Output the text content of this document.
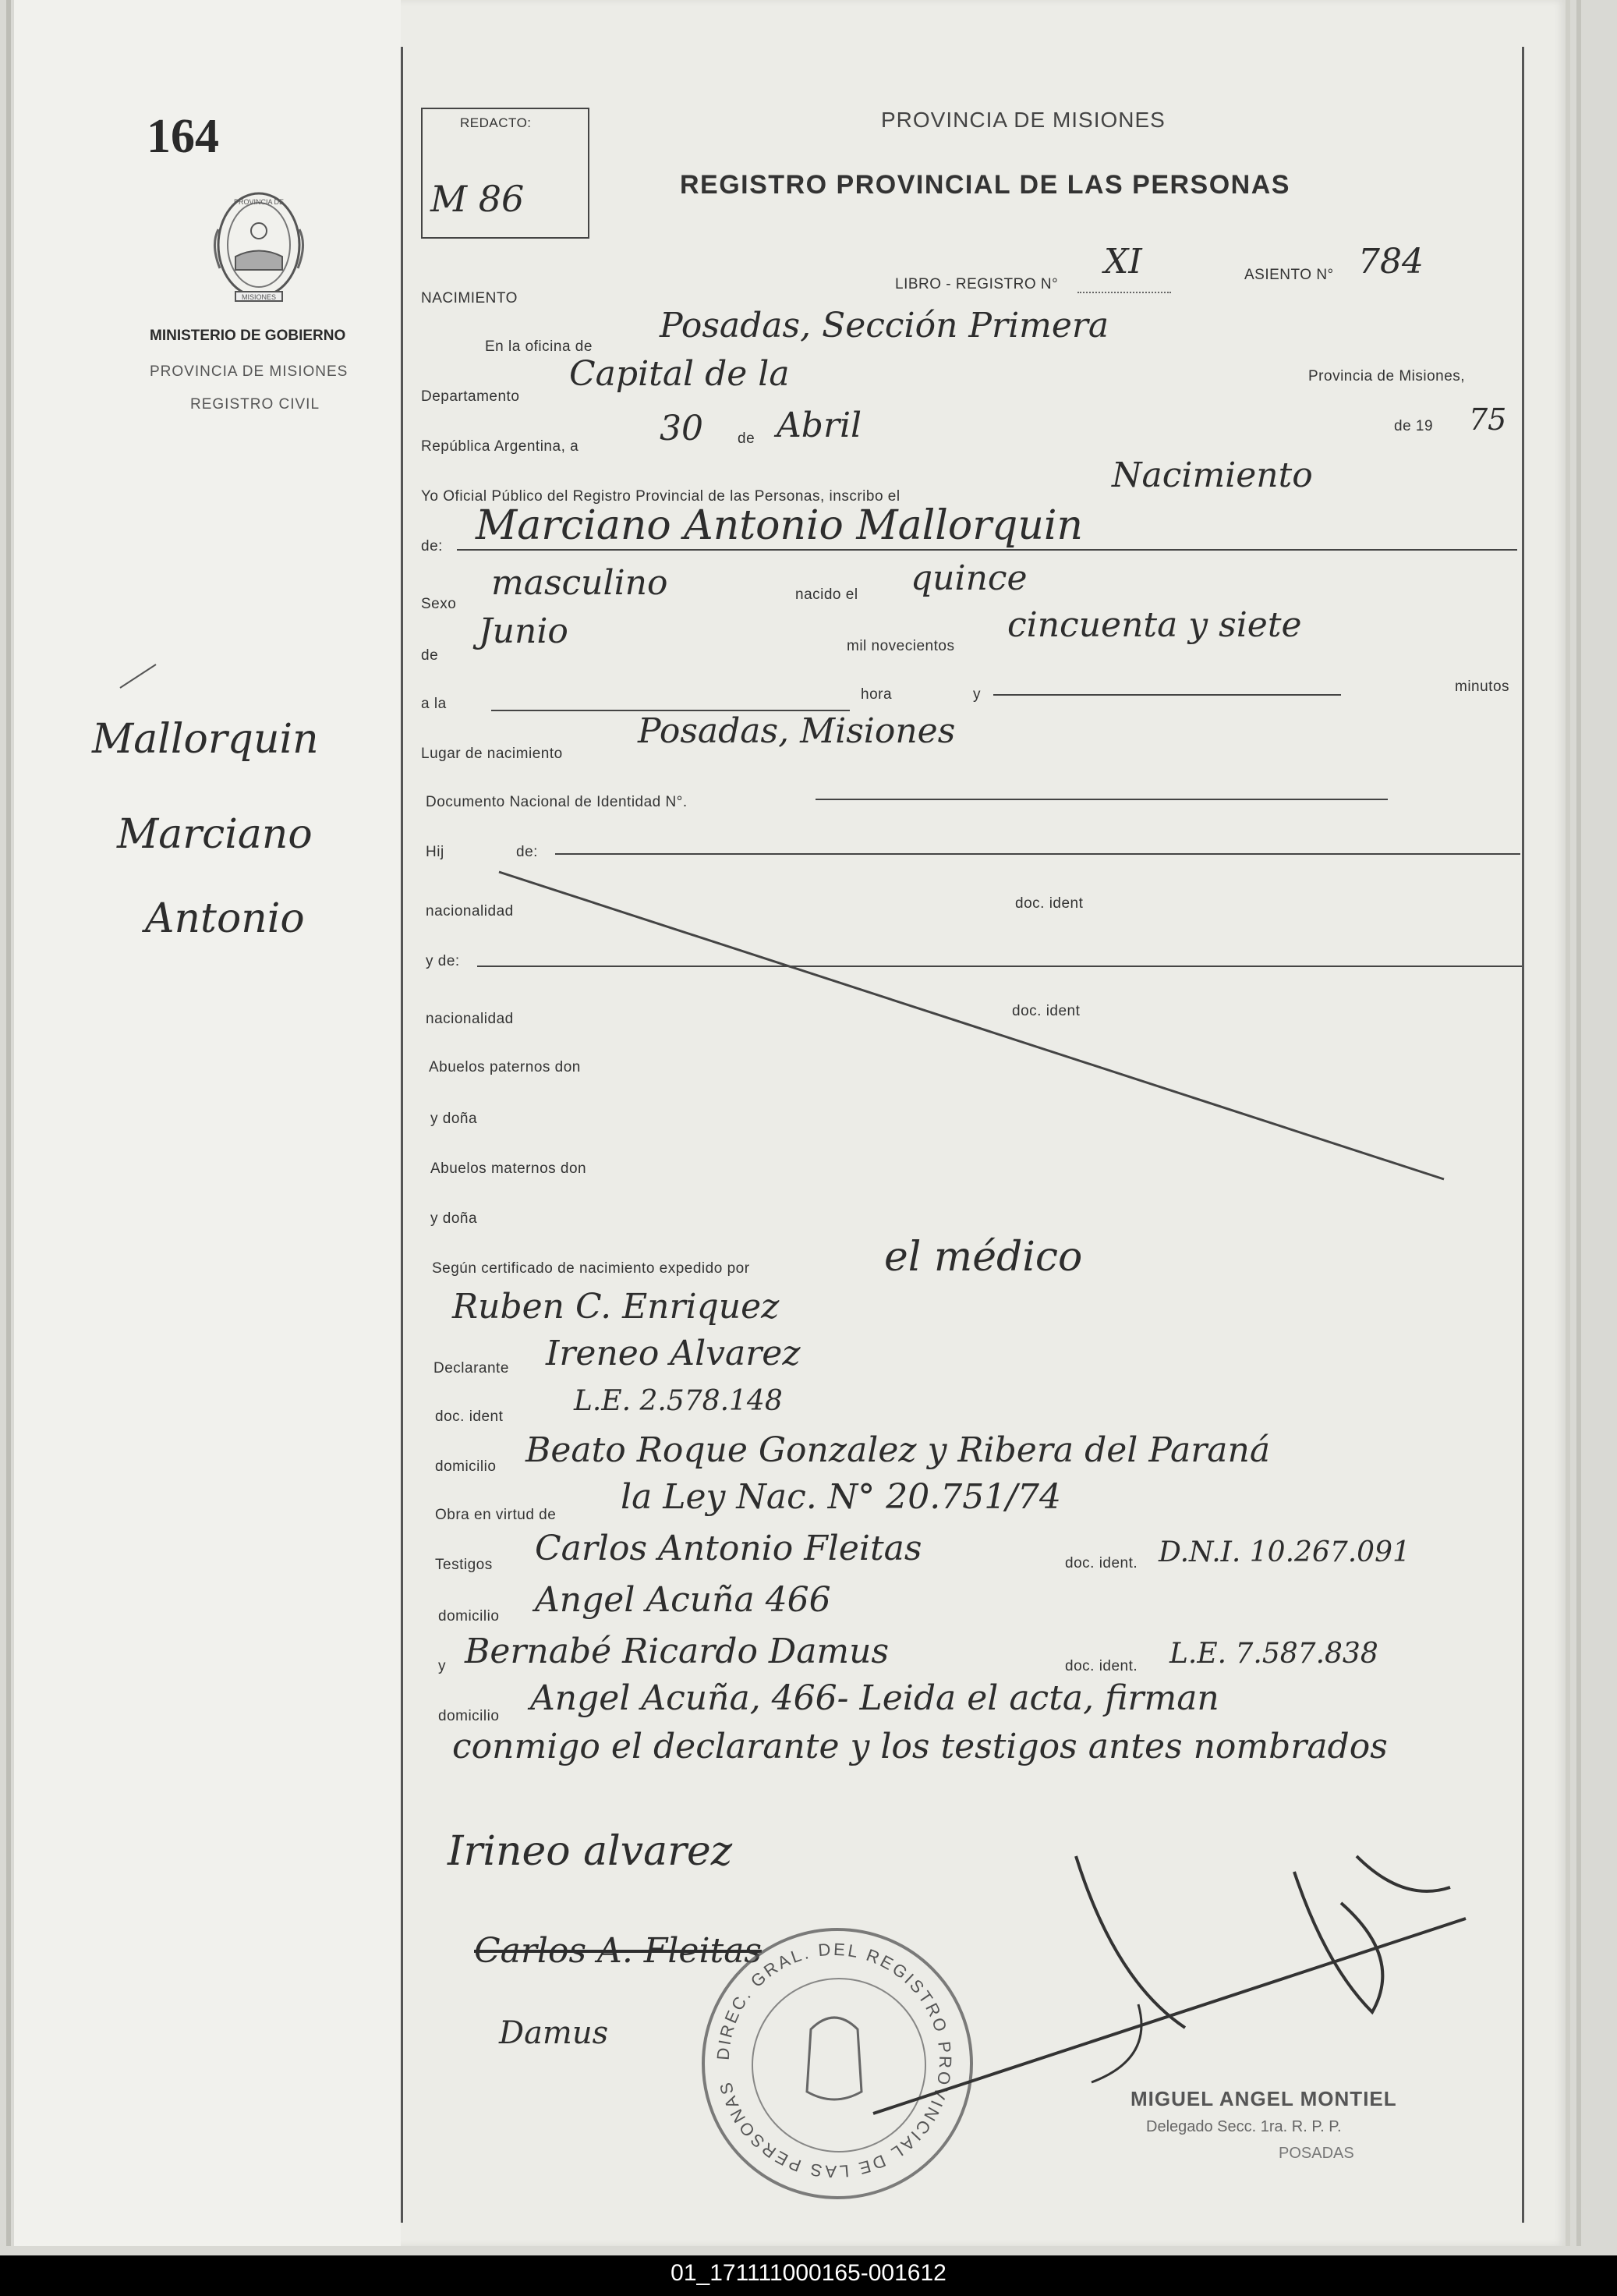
164
PROVINCIA DE
MISIONES
MINISTERIO DE GOBIERNO
PROVINCIA DE MISIONES
REGISTRO CIVIL
Mallorquin
Marciano
Antonio
REDACTO:
M 86
PROVINCIA DE MISIONES
REGISTRO PROVINCIAL DE LAS PERSONAS
LIBRO - REGISTRO N°
XI	ASIENTO N° 784
NACIMIENTO
En la oficina de
Posadas, Sección Primera
Departamento
Capital de la	Provincia de Misiones,
República Argentina, a 30 de Abril	de 19 75
Yo Oficial Público del Registro Provincial de las Personas, inscribo el
Nacimiento
de: Marciano Antonio Mallorquin
Sexo
masculino	nacido el quince
de
Junio	mil novecientos
cincuenta y siete
a la
hora	y	minutos
Lugar de nacimiento
Posadas, Misiones
Documento Nacional de Identidad N°.
Hij	de:
nacionalidad	doc. ident
y de:
nacionalidad	doc. ident
Abuelos paternos don
y doña
Abuelos maternos don
y doña
Según certificado de nacimiento expedido por	el médico
Ruben C. Enriquez
Declarante Ireneo Alvarez
doc. ident	L.E. 2.578.148
domicilio Beato Roque Gonzalez y Ribera del Paraná
Obra en virtud de la Ley Nac. N° 20.751/74
Testigos Carlos Antonio Fleitas	doc. ident. D.N.I. 10.267.091
domicilio Angel Acuña 466
y Bernabé Ricardo Damus	doc. ident. L.E. 7.587.838
domicilio Angel Acuña, 466- Leida el acta, firman
conmigo el declarante y los testigos antes nombrados
Irineo alvarez
Carlos A. Fleitas
Damus
DIREC. GRAL. DEL REGISTRO PROVINCIAL DE LAS PERSONAS	MIGUEL ANGEL MONTIEL
Delegado Secc. 1ra. R. P. P.
POSADAS
01_171111000165-001612
